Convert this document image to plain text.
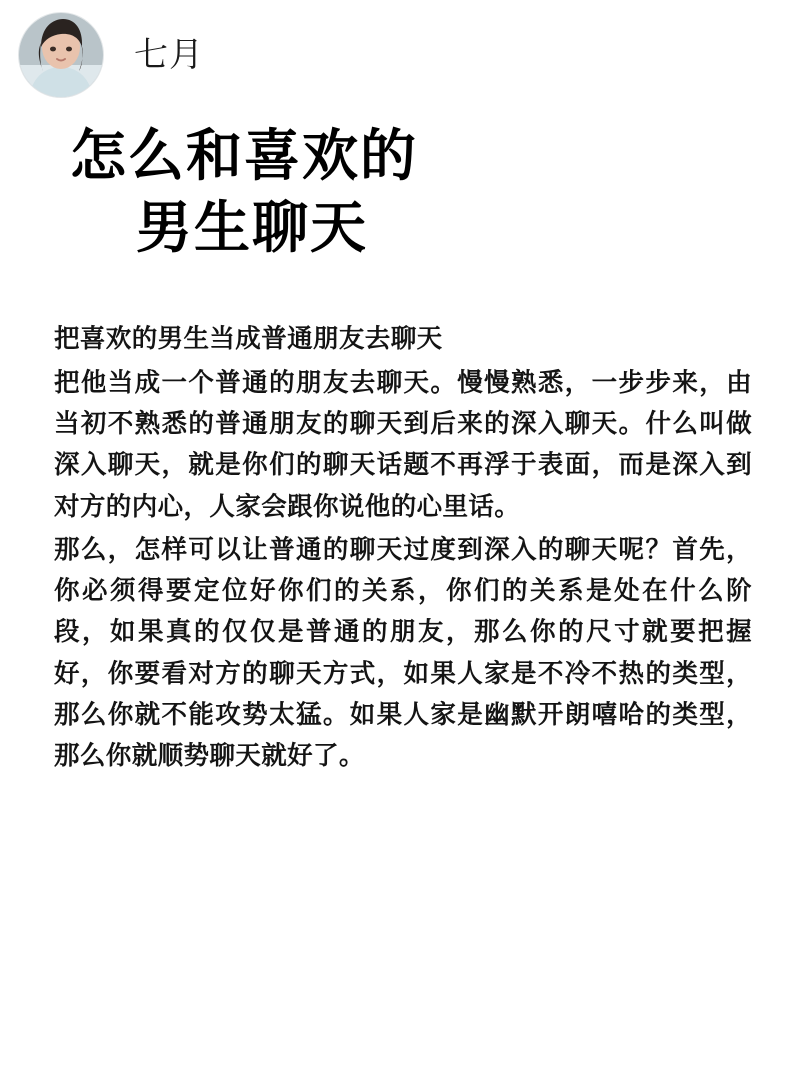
七月
怎么和喜欢的
男生聊天

把喜欢的男生当成普通朋友去聊天

把他当成一个普通的朋友去聊天。慢慢熟悉，一步步来，由当初不熟悉的普通朋友的聊天到后来的深入聊天。什么叫做深入聊天，就是你们的聊天话题不再浮于表面，而是深入到对方的内心，人家会跟你说他的心里话。

那么，怎样可以让普通的聊天过度到深入的聊天呢？首先，你必须得要定位好你们的关系，你们的关系是处在什么阶段，如果真的仅仅是普通的朋友，那么你的尺寸就要把握好，你要看对方的聊天方式，如果人家是不冷不热的类型，那么你就不能攻势太猛。如果人家是幽默开朗嘻哈的类型，那么你就顺势聊天就好了。
